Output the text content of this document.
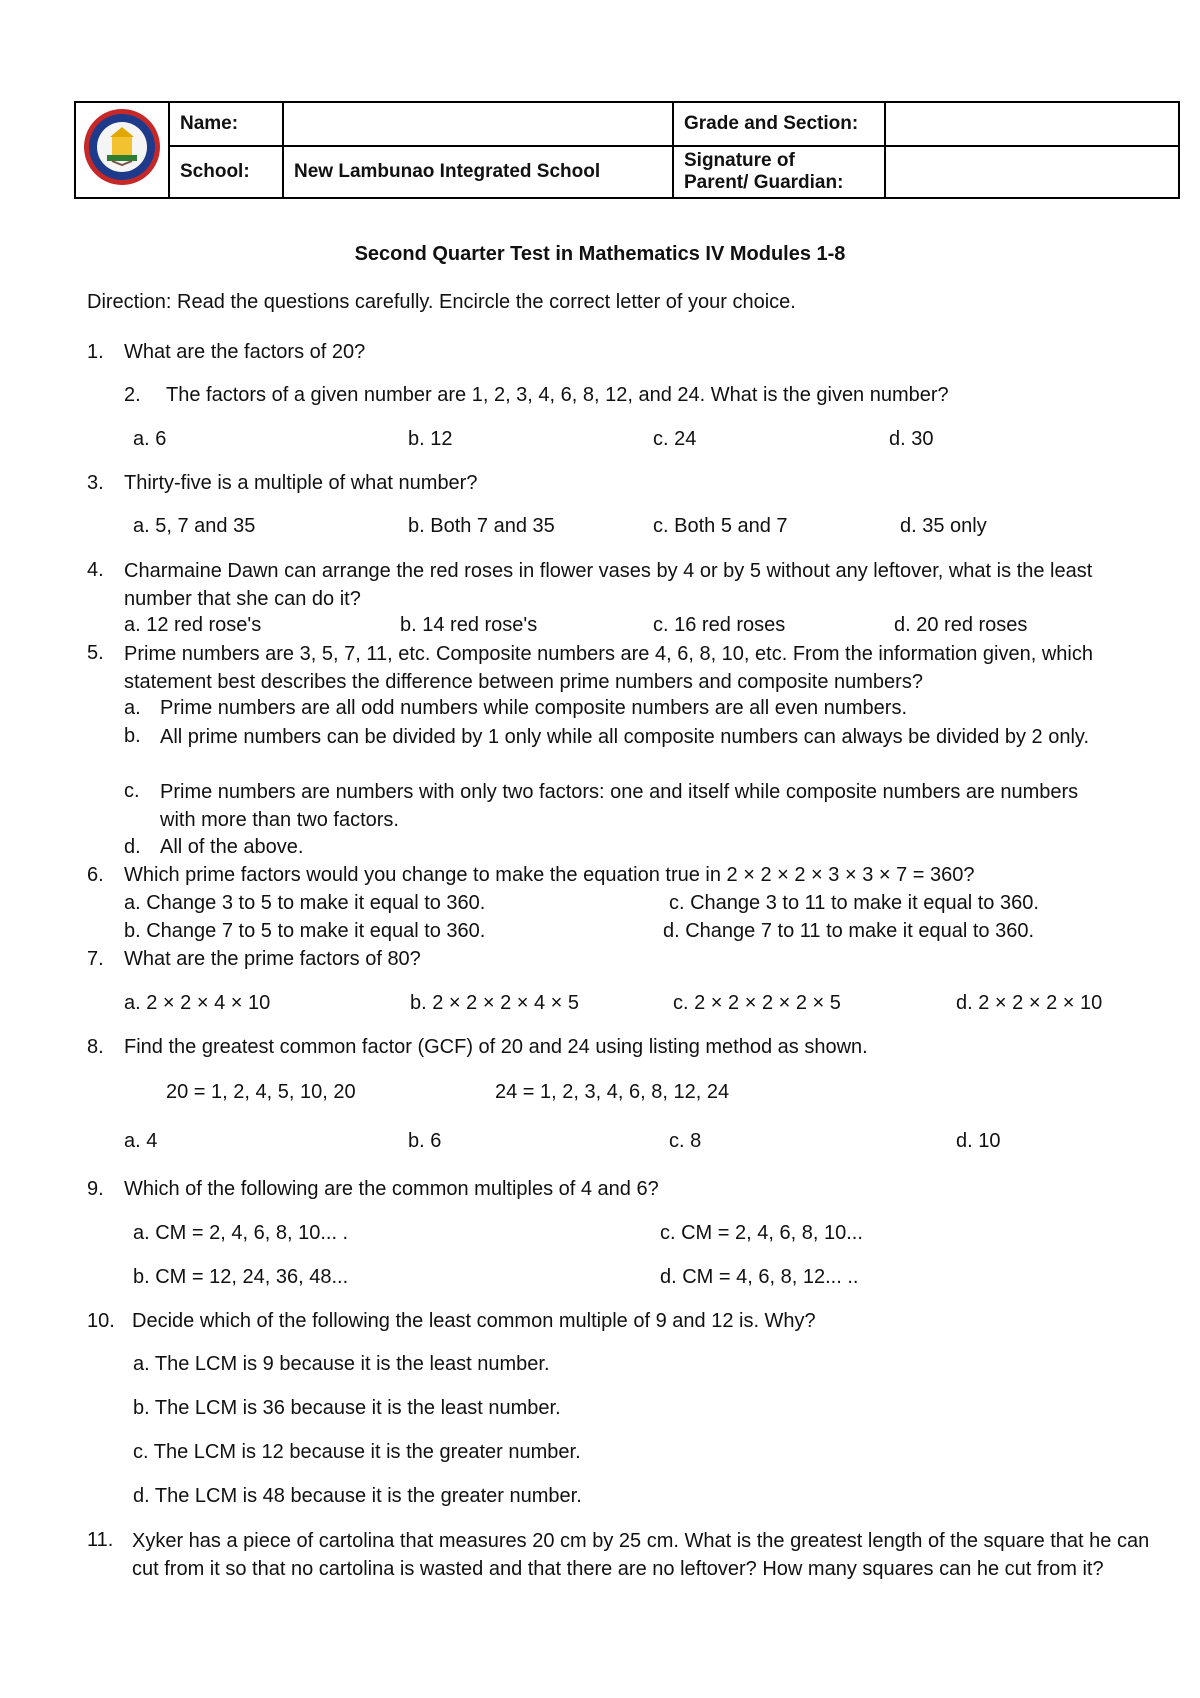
	Name:		Grade and Section:	
	School:	New Lambunao Integrated School	Signature of
Parent/ Guardian:	
Second Quarter Test in Mathematics IV Modules 1-8
Direction: Read the questions carefully. Encircle the correct letter of your choice.
1. What are the factors of 20?
2. The factors of a given number are 1, 2, 3, 4, 6, 8, 12, and 24. What is the given number?
a. 6	b. 12	c. 24	d. 30
3. Thirty-five is a multiple of what number?
a. 5, 7 and 35	b. Both 7 and 35	c. Both 5 and 7	d. 35 only
4. Charmaine Dawn can arrange the red roses in flower vases by 4 or by 5 without any leftover, what is the least number that she can do it?
a. 12 red rose's	b. 14 red rose's	c. 16 red roses	d. 20 red roses
5. Prime numbers are 3, 5, 7, 11, etc. Composite numbers are 4, 6, 8, 10, etc. From the information given, which statement best describes the difference between prime numbers and composite numbers?
a. Prime numbers are all odd numbers while composite numbers are all even numbers.
b. All prime numbers can be divided by 1 only while all composite numbers can always be divided by 2 only.
c. Prime numbers are numbers with only two factors: one and itself while composite numbers are numbers with more than two factors.
d. All of the above.
6. Which prime factors would you change to make the equation true in 2 × 2 × 2 × 3 × 3 × 7 = 360?
a. Change 3 to 5 to make it equal to 360.	c. Change 3 to 11 to make it equal to 360.
b. Change 7 to 5 to make it equal to 360.	d. Change 7 to 11 to make it equal to 360.
7. What are the prime factors of 80?
a. 2 × 2 × 4 × 10	b. 2 × 2 × 2 × 4 × 5	c. 2 × 2 × 2 × 2 × 5	d. 2 × 2 × 2 × 10
8. Find the greatest common factor (GCF) of 20 and 24 using listing method as shown.
20 = 1, 2, 4, 5, 10, 20	24 = 1, 2, 3, 4, 6, 8, 12, 24
a. 4	b. 6	c. 8	d. 10
9. Which of the following are the common multiples of 4 and 6?
a. CM = 2, 4, 6, 8, 10... .	c. CM = 2, 4, 6, 8, 10...
b. CM = 12, 24, 36, 48...	d. CM = 4, 6, 8, 12... ..
10. Decide which of the following the least common multiple of 9 and 12 is. Why?
a. The LCM is 9 because it is the least number.
b. The LCM is 36 because it is the least number.
c. The LCM is 12 because it is the greater number.
d. The LCM is 48 because it is the greater number.
11. Xyker has a piece of cartolina that measures 20 cm by 25 cm. What is the greatest length of the square that he can cut from it so that no cartolina is wasted and that there are no leftover? How many squares can he cut from it?
